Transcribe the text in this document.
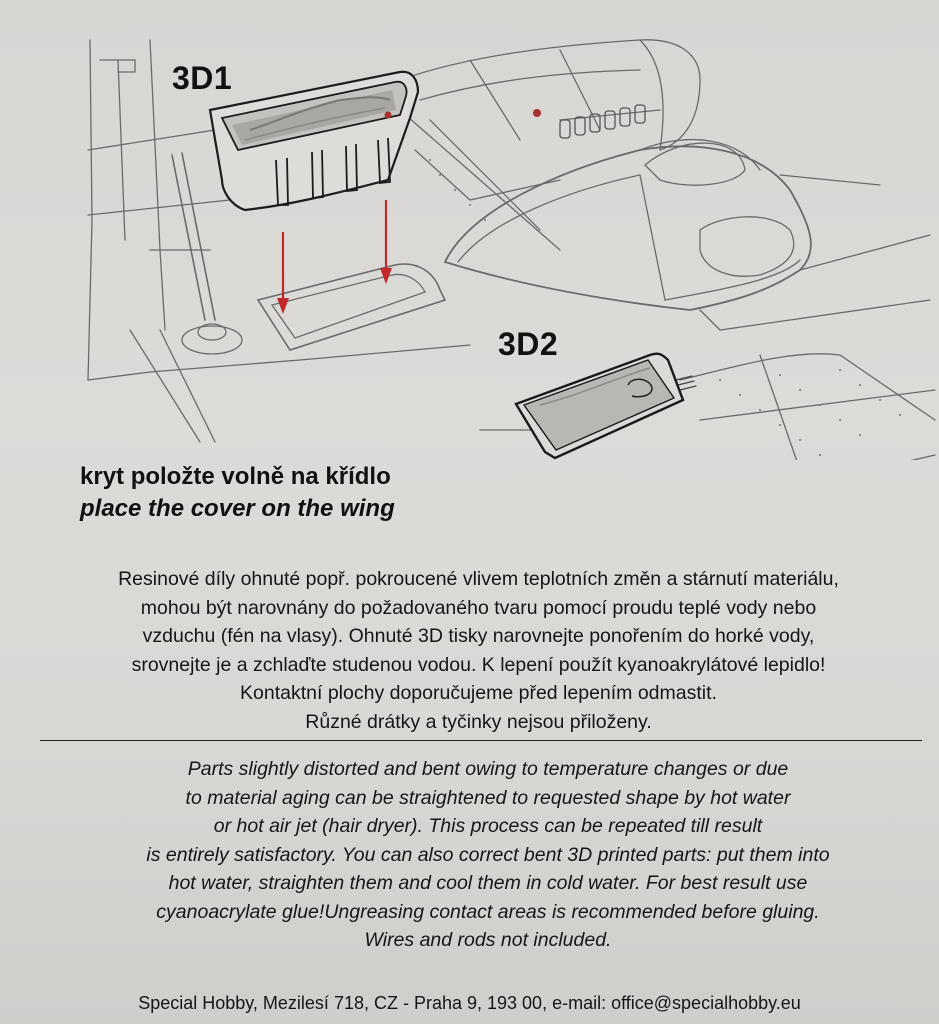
3D1
3D2
kryt položte volně na křídlo
place the cover on the wing
Resinové díly ohnuté popř. pokroucené vlivem teplotních změn a stárnutí materiálu,
mohou být narovnány do požadovaného tvaru pomocí proudu teplé vody nebo
vzduchu (fén na vlasy). Ohnuté 3D tisky narovnejte ponořením do horké vody,
srovnejte je a zchlaďte studenou vodou. K lepení použít kyanoakrylátové lepidlo!
Kontaktní plochy doporučujeme před lepením odmastit.
Různé drátky a tyčinky nejsou přiloženy.
Parts slightly distorted and bent owing to temperature changes or due
to material aging can be straightened to requested shape by hot water
or hot air jet (hair dryer). This process can be repeated till result
is entirely satisfactory. You can also correct bent 3D printed parts: put them into
hot water, straighten them and cool them in cold water. For best result use
cyanoacrylate glue!Ungreasing contact areas is recommended before gluing.
Wires and rods not included.
Special Hobby, Mezilesí 718, CZ - Praha 9, 193 00, e-mail: office@specialhobby.eu
